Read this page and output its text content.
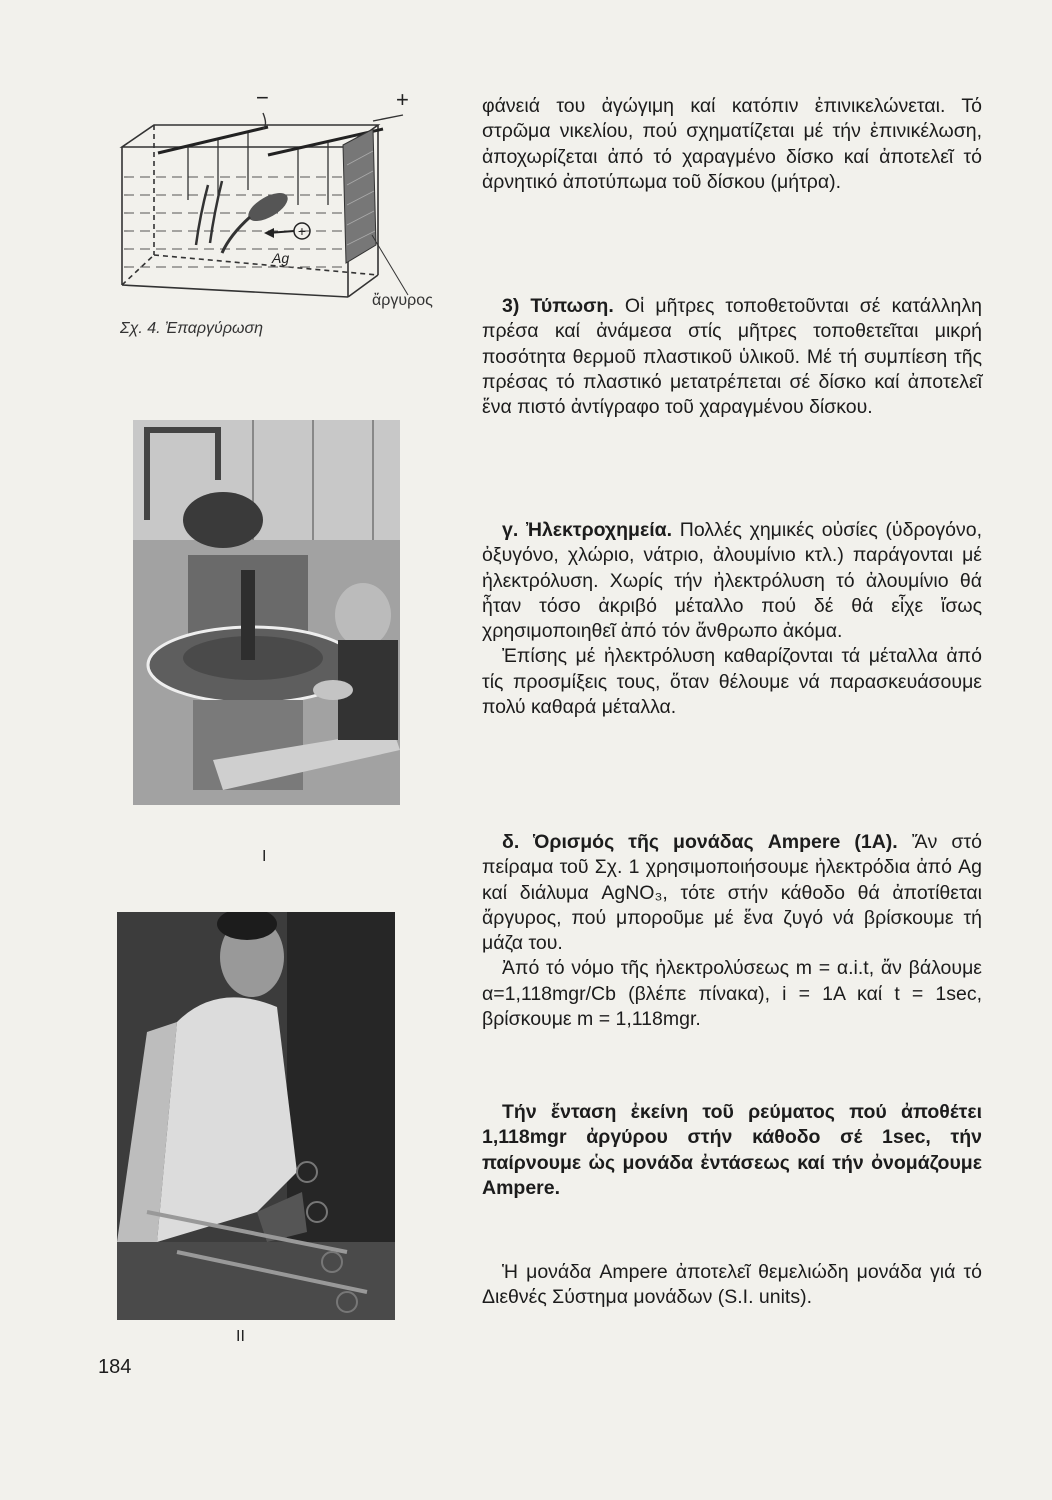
+
Ag
−	+
ἄργυρος
Σχ. 4. Ἐπαργύρωση
I
II
184

φάνειά του ἀγώγιμη καί κατόπιν ἐπινικελώνεται. Τό στρῶμα νικελίου, πού σχηματίζεται μέ τήν ἐπινικέλωση, ἀποχωρίζεται ἀπό τό χαραγμένο δίσκο καί ἀποτελεῖ τό ἀρνητικό ἀποτύπωμα τοῦ δίσκου (μήτρα).

3) Τύπωση. Οἱ μῆτρες τοποθετοῦνται σέ κατάλληλη πρέσα καί ἀνάμεσα στίς μῆτρες τοποθετεῖται μικρή ποσότητα θερμοῦ πλαστικοῦ ὑλικοῦ. Μέ τή συμπίεση τῆς πρέσας τό πλαστικό μετατρέπεται σέ δίσκο καί ἀποτελεῖ ἕνα πιστό ἀντίγραφο τοῦ χαραγμένου δίσκου.

γ. Ἠλεκτροχημεία. Πολλές χημικές οὐσίες (ὑδρογόνο, ὀξυγόνο, χλώριο, νάτριο, ἀλουμίνιο κτλ.) παράγονται μέ ἠλεκτρόλυση. Χωρίς τήν ἠλεκτρόλυση τό ἀλουμίνιο θά ἦταν τόσο ἀκριβό μέταλλο πού δέ θά εἶχε ἴσως χρησιμοποιηθεῖ ἀπό τόν ἄνθρωπο ἀκόμα.

Ἐπίσης μέ ἠλεκτρόλυση καθαρίζονται τά μέταλλα ἀπό τίς προσμίξεις τους, ὅταν θέλουμε νά παρασκευάσουμε πολύ καθαρά μέταλλα.

δ. Ὁρισμός τῆς μονάδας Ampere (1A). Ἄν στό πείραμα τοῦ Σχ. 1 χρησιμοποιήσουμε ἠλεκτρόδια ἀπό Ag καί διάλυμα AgNO₃, τότε στήν κάθοδο θά ἀποτίθεται ἄργυρος, πού μποροῦμε μέ ἕνα ζυγό νά βρίσκουμε τή μάζα του.

Ἀπό τό νόμο τῆς ἠλεκτρολύσεως m = α.i.t, ἄν βάλουμε α=1,118mgr/Cb (βλέπε πίνακα), i = 1A καί t = 1sec, βρίσκουμε m = 1,118mgr.

Τήν ἔνταση ἐκείνη τοῦ ρεύματος πού ἀποθέτει 1,118mgr ἀργύρου στήν κάθοδο σέ 1sec, τήν παίρνουμε ὡς μονάδα ἐντάσεως καί τήν ὀνομάζουμε Ampere.

Ἡ μονάδα Ampere ἀποτελεῖ θεμελιώδη μονάδα γιά τό Διεθνές Σύστημα μονάδων (S.I. units).
